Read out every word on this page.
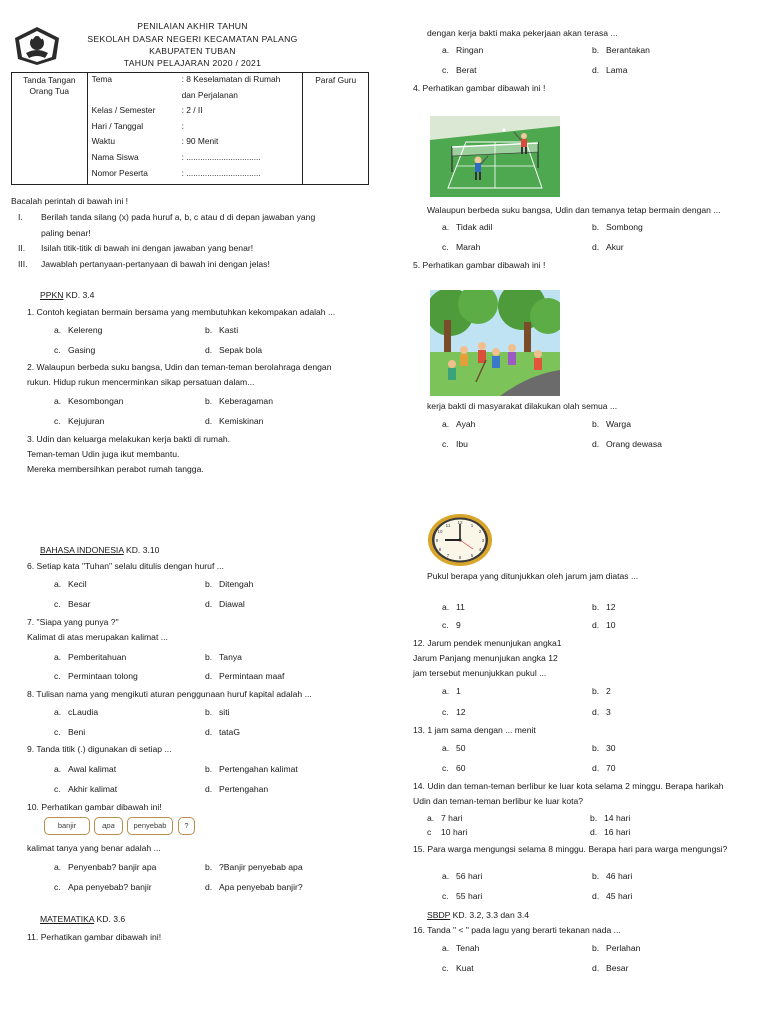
PENILAIAN AKHIR TAHUN
SEKOLAH DASAR NEGERI KECAMATAN PALANG
KABUPATEN TUBAN
TAHUN PELAJARAN 2020 / 2021
Tanda Tangan Orang Tua	
Tema	: 8 Keselamatan di Rumah
dan Perjalanan
Kelas / Semester	: 2 / II
Hari / Tanggal	:
Waktu	: 90 Menit
Nama Siswa	: ................................
Nomor Peserta	: ................................
	Paraf Guru
Bacalah perintah di bawah ini !
I. Berilah tanda silang (x) pada huruf a, b, c atau d di depan jawaban yang
paling benar!
II. Isilah titik-titik di bawah ini dengan jawaban yang benar!
III. Jawablah pertanyaan-pertanyaan di bawah ini dengan jelas!
PPKN KD. 3.4
1. Contoh kegiatan bermain bersama yang membutuhkan kekompakan adalah ...
a. Kelereng	b. Kasti
c. Gasing	d. Sepak bola
2. Walaupun berbeda suku bangsa, Udin dan teman-teman berolahraga dengan
rukun. Hidup rukun mencerminkan sikap persatuan dalam...
a. Kesombongan	b. Keberagaman
c. Kejujuran	d. Kemiskinan
3. Udin dan keluarga melakukan kerja bakti di rumah.
Teman-teman Udin juga ikut membantu.
Mereka membersihkan perabot rumah tangga.
BAHASA INDONESIA KD. 3.10
6. Setiap kata "Tuhan" selalu ditulis dengan huruf ...
a. Kecil	b. Ditengah
c. Besar	d. Diawal
7. "Siapa yang punya ?"
Kalimat di atas merupakan kalimat ...
a. Pemberitahuan	b. Tanya
c. Permintaan tolong	d. Permintaan maaf
8. Tulisan nama yang mengikuti aturan penggunaan huruf kapital adalah ...
a. cLaudia	b. siti
c. Beni	d. tataG
9. Tanda titik (.) digunakan di setiap ...
a. Awal kalimat	b. Pertengahan kalimat
c. Akhir kalimat	d. Pertengahan
10. Perhatikan gambar dibawah ini!
banjir	apa	penyebab	?
kalimat tanya yang benar adalah ...
a. Penyenbab? banjir apa	b. ?Banjir penyebab apa
c. Apa penyebab? banjir	d. Apa penyebab banjir?
MATEMATIKA KD. 3.6
11. Perhatikan gambar dibawah ini!
dengan kerja bakti maka pekerjaan akan terasa ...
a. Ringan	b. Berantakan
c. Berat	d. Lama
4. Perhatikan gambar dibawah ini !
Walaupun berbeda suku bangsa, Udin dan temanya tetap bermain dengan ...
a. Tidak adil	b. Sombong
c. Marah	d. Akur
5. Perhatikan gambar dibawah ini !
kerja bakti di masyarakat dilakukan olah semua ...
a. Ayah	b. Warga
c. Ibu	d. Orang dewasa
12
1
2
3
4
5
6
7
8
9
10
11
Pukul berapa yang ditunjukkan oleh jarum jam diatas ...
a. 11	b. 12
c. 9	d. 10
12. Jarum pendek menunjukan angka1
Jarum Panjang menunjukan angka 12
jam tersebut menunjukkan pukul ...
a. 1	b. 2
c. 12	d. 3
13. 1 jam sama dengan ... menit
a. 50	b. 30
c. 60	d. 70
14. Udin dan teman-teman berlibur ke luar kota selama 2 minggu. Berapa harikah
Udin dan teman-teman berlibur ke luar kota?
a. 7 hari	b. 14 hari
c 10 hari	d. 16 hari
15. Para warga mengungsi selama 8 minggu. Berapa hari para warga mengungsi?
a. 56 hari	b. 46 hari
c. 55 hari	d. 45 hari
SBDP KD. 3.2, 3.3 dan 3.4
16. Tanda " < " pada lagu yang berarti tekanan nada ...
a. Tenah	b. Perlahan
c. Kuat	d. Besar
